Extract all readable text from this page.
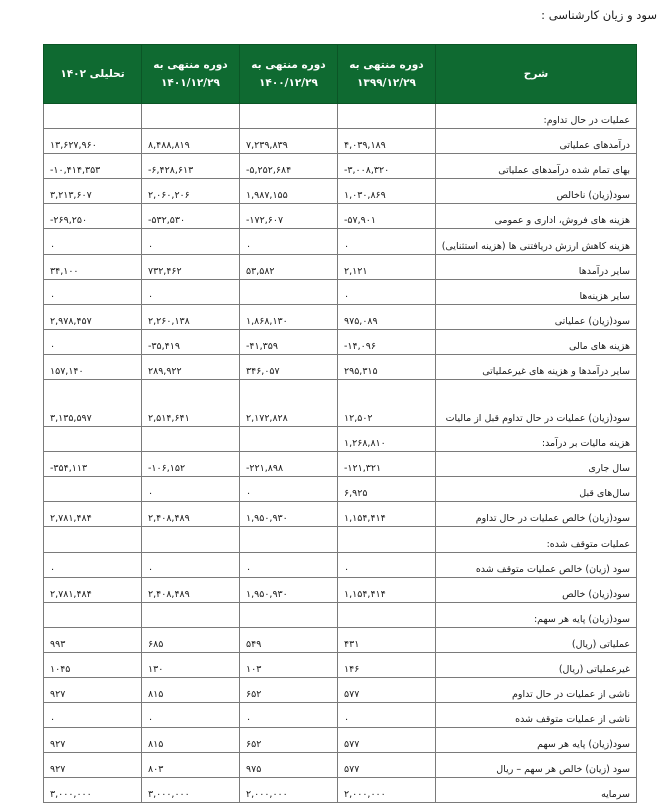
سود و زیان کارشناسی :
شرح	دوره منتهی به ۱۳۹۹/۱۲/۲۹	دوره منتهی به ۱۴۰۰/۱۲/۲۹	دوره منتهی به ۱۴۰۱/۱۲/۲۹	تحلیلی ۱۴۰۲
عملیات در حال تداوم:				
درآمدهای عملیاتی	۴,۰۳۹,۱۸۹	۷,۲۳۹,۸۳۹	۸,۴۸۸,۸۱۹	۱۳,۶۲۷,۹۶۰
بهای تمام شده درآمدهای عملیاتی	-۳,۰۰۸,۳۲۰	-۵,۲۵۲,۶۸۴	-۶,۴۲۸,۶۱۳	-۱۰,۴۱۴,۳۵۳
سود(زیان) ناخالص	۱,۰۳۰,۸۶۹	۱,۹۸۷,۱۵۵	۲,۰۶۰,۲۰۶	۳,۲۱۳,۶۰۷
هزینه های فروش، اداری و عمومی	-۵۷,۹۰۱	-۱۷۲,۶۰۷	-۵۳۲,۵۳۰	-۲۶۹,۲۵۰
هزینه کاهش ارزش دریافتنی ها (هزینه استثنایی)	۰	۰	۰	۰
سایر درآمدها	۲,۱۲۱	۵۳,۵۸۲	۷۳۲,۴۶۲	۳۴,۱۰۰
سایر هزینه‌ها	۰		۰	۰
سود(زیان) عملیاتی	۹۷۵,۰۸۹	۱,۸۶۸,۱۳۰	۲,۲۶۰,۱۳۸	۲,۹۷۸,۴۵۷
هزینه های مالی	-۱۴,۰۹۶	-۴۱,۳۵۹	-۳۵,۴۱۹	۰
سایر درآمدها و هزینه های غیرعملیاتی	۲۹۵,۳۱۵	۳۴۶,۰۵۷	۲۸۹,۹۲۲	۱۵۷,۱۴۰
سود(زیان) عملیات در حال تداوم قبل از مالیات	۱۲,۵۰۲	۲,۱۷۲,۸۲۸	۲,۵۱۴,۶۴۱	۳,۱۳۵,۵۹۷
هزینه مالیات بر درآمد:	۱,۲۶۸,۸۱۰			
سال جاری	-۱۲۱,۳۲۱	-۲۲۱,۸۹۸	-۱۰۶,۱۵۲	-۳۵۴,۱۱۳
سال‌های قبل	۶,۹۲۵	۰	۰	
سود(زیان) خالص عملیات در حال تداوم	۱,۱۵۴,۴۱۴	۱,۹۵۰,۹۳۰	۲,۴۰۸,۴۸۹	۲,۷۸۱,۴۸۴
عملیات متوقف شده:				
سود (زیان) خالص عملیات متوقف شده	۰	۰	۰	۰
سود(زیان) خالص	۱,۱۵۴,۴۱۴	۱,۹۵۰,۹۳۰	۲,۴۰۸,۴۸۹	۲,۷۸۱,۴۸۴
سود(زیان) پایه هر سهم:				
عملیاتی (ریال)	۴۳۱	۵۴۹	۶۸۵	۹۹۳
غیرعملیاتی (ریال)	۱۴۶	۱۰۳	۱۳۰	۱۰۴۵
ناشی از عملیات در حال تداوم	۵۷۷	۶۵۲	۸۱۵	۹۲۷
ناشی از عملیات متوقف شده	۰	۰	۰	۰
سود(زیان) پایه هر سهم	۵۷۷	۶۵۲	۸۱۵	۹۲۷
سود (زیان) خالص هر سهم – ریال	۵۷۷	۹۷۵	۸۰۳	۹۲۷
سرمایه	۲,۰۰۰,۰۰۰	۲,۰۰۰,۰۰۰	۳,۰۰۰,۰۰۰	۳,۰۰۰,۰۰۰
